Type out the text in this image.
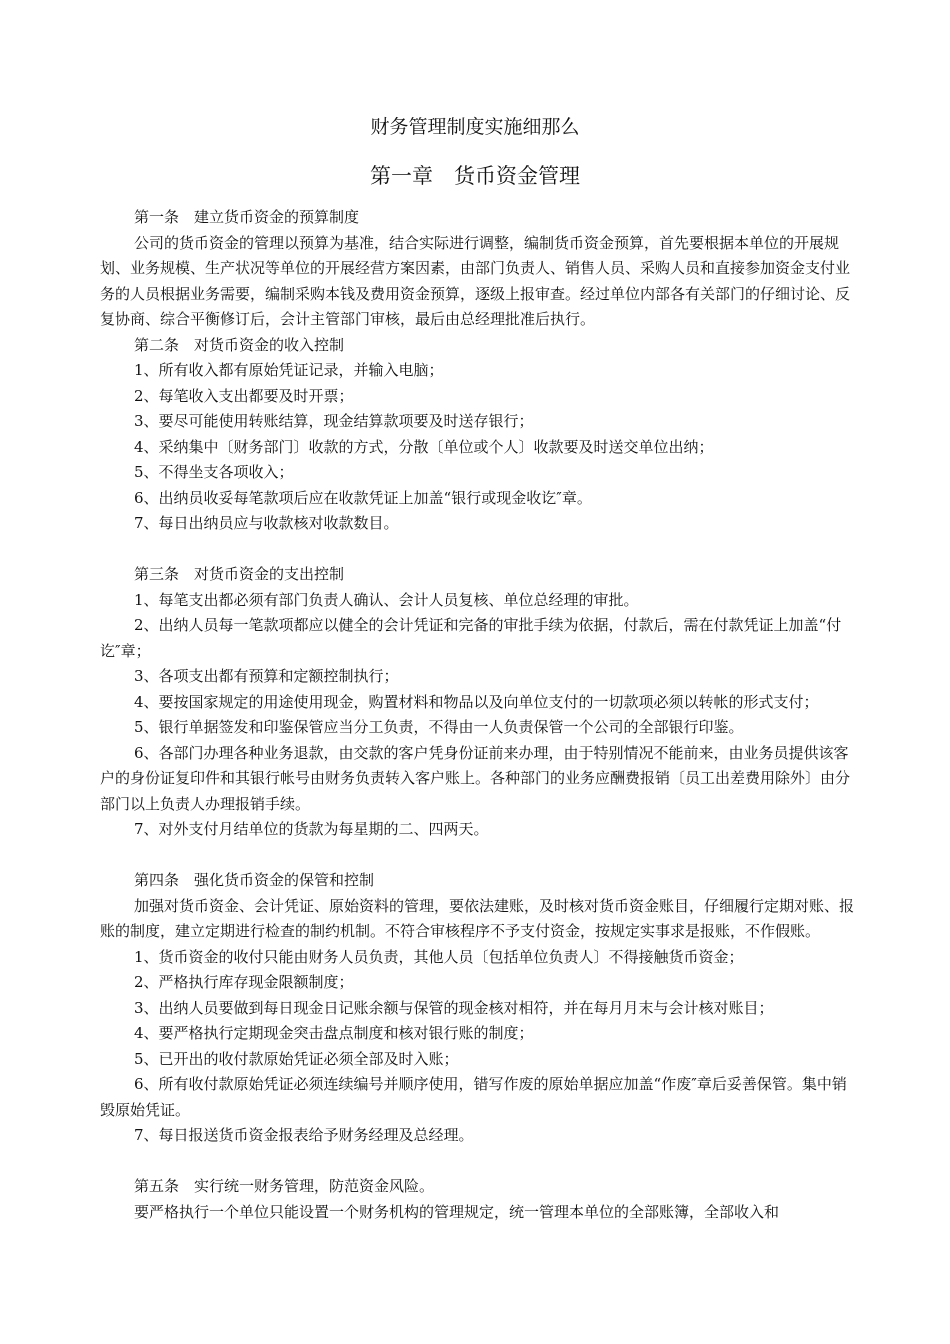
财务管理制度实施细那么
第一章　货币资金管理
第一条　建立货币资金的预算制度
公司的货币资金的管理以预算为基准，结合实际进行调整，编制货币资金预算，首先要根据本单位的开展规划、业务规模、生产状况等单位的开展经营方案因素，由部门负责人、销售人员、采购人员和直接参加资金支付业务的人员根据业务需要，编制采购本钱及费用资金预算，逐级上报审查。经过单位内部各有关部门的仔细讨论、反复协商、综合平衡修订后，会计主管部门审核，最后由总经理批准后执行。
第二条　对货币资金的收入控制
1、所有收入都有原始凭证记录，并输入电脑；
2、每笔收入支出都要及时开票；
3、要尽可能使用转账结算，现金结算款项要及时送存银行；
4、采纳集中〔财务部门〕收款的方式，分散〔单位或个人〕收款要及时送交单位出纳；
5、不得坐支各项收入；
6、出纳员收妥每笔款项后应在收款凭证上加盖“银行或现金收讫″章。
7、每日出纳员应与收款核对收款数目。
第三条　对货币资金的支出控制
1、每笔支出都必须有部门负责人确认、会计人员复核、单位总经理的审批。
2、出纳人员每一笔款项都应以健全的会计凭证和完备的审批手续为依据，付款后，需在付款凭证上加盖“付讫″章；
3、各项支出都有预算和定额控制执行；
4、要按国家规定的用途使用现金，购置材料和物品以及向单位支付的一切款项必须以转帐的形式支付；
5、银行单据签发和印鉴保管应当分工负责，不得由一人负责保管一个公司的全部银行印鉴。
6、各部门办理各种业务退款，由交款的客户凭身份证前来办理，由于特别情况不能前来，由业务员提供该客户的身份证复印件和其银行帐号由财务负责转入客户账上。各种部门的业务应酬费报销〔员工出差费用除外〕由分部门以上负责人办理报销手续。
7、对外支付月结单位的货款为每星期的二、四两天。
第四条　强化货币资金的保管和控制
加强对货币资金、会计凭证、原始资料的管理，要依法建账，及时核对货币资金账目，仔细履行定期对账、报账的制度，建立定期进行检查的制约机制。不符合审核程序不予支付资金，按规定实事求是报账，不作假账。
1、货币资金的收付只能由财务人员负责，其他人员〔包括单位负责人〕不得接触货币资金；
2、严格执行库存现金限额制度；
3、出纳人员要做到每日现金日记账余额与保管的现金核对相符，并在每月月末与会计核对账目；
4、要严格执行定期现金突击盘点制度和核对银行账的制度；
5、已开出的收付款原始凭证必须全部及时入账；
6、所有收付款原始凭证必须连续编号并顺序使用，错写作废的原始单据应加盖“作废″章后妥善保管。集中销毁原始凭证。
7、每日报送货币资金报表给予财务经理及总经理。
第五条　实行统一财务管理，防范资金风险。
要严格执行一个单位只能设置一个财务机构的管理规定，统一管理本单位的全部账簿，全部收入和
